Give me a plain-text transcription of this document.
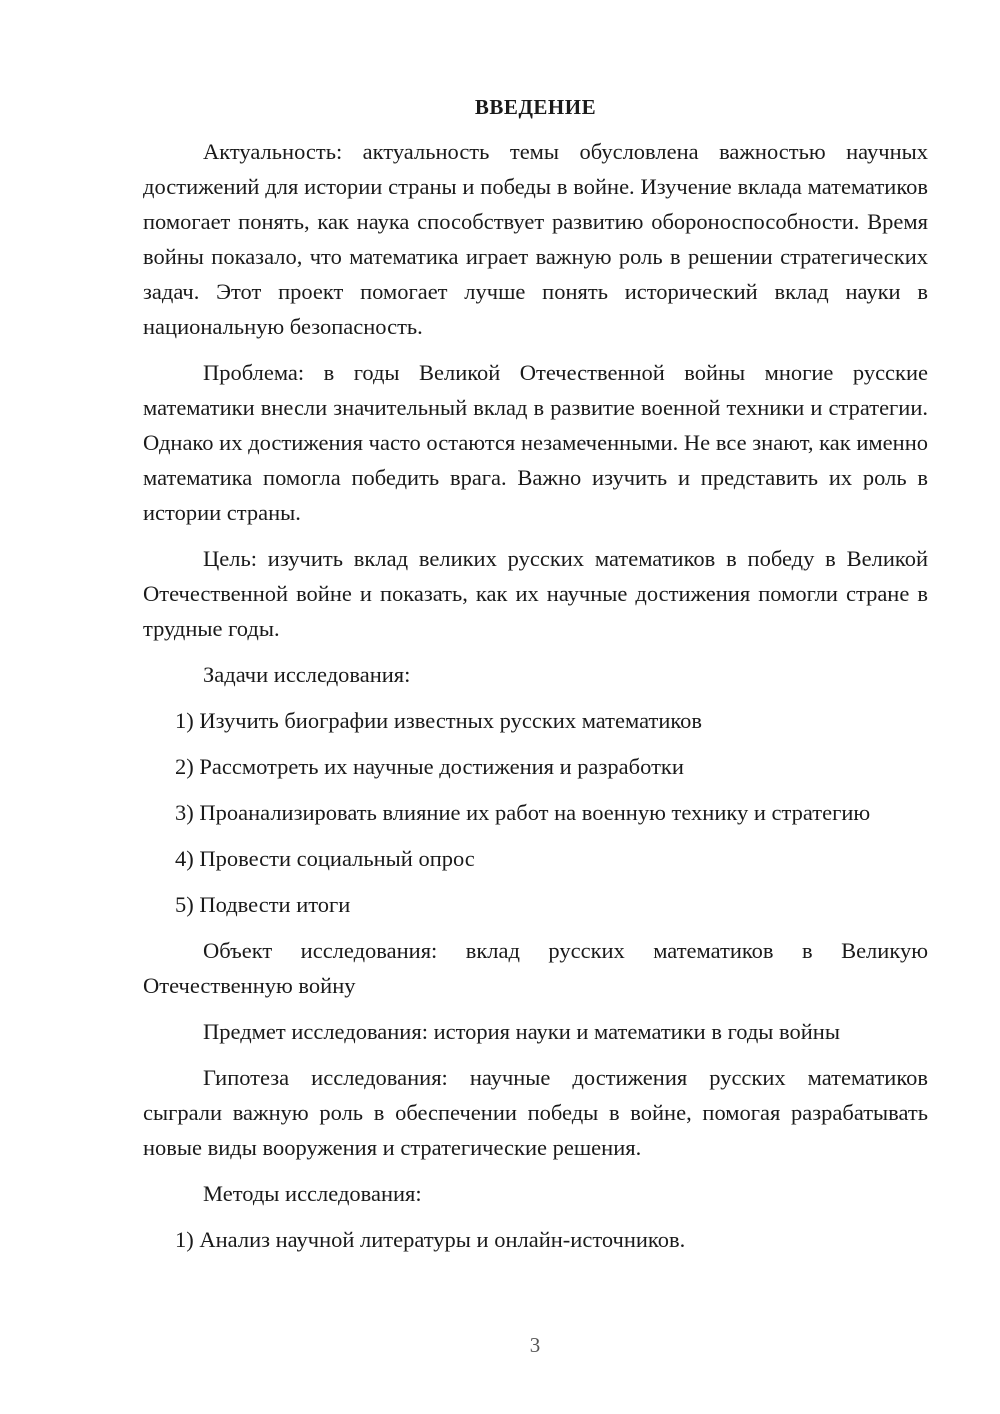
ВВЕДЕНИЕ

Актуальность: актуальность темы обусловлена важностью научных достижений для истории страны и победы в войне. Изучение вклада математиков помогает понять, как наука способствует развитию обороноспособности. Время войны показало, что математика играет важную роль в решении стратегических задач. Этот проект помогает лучше понять исторический вклад науки в национальную безопасность.

Проблема: в годы Великой Отечественной войны многие русские математики внесли значительный вклад в развитие военной техники и стратегии. Однако их достижения часто остаются незамеченными. Не все знают, как именно математика помогла победить врага. Важно изучить и представить их роль в истории страны.

Цель: изучить вклад великих русских математиков в победу в Великой Отечественной войне и показать, как их научные достижения помогли стране в трудные годы.

Задачи исследования:

1) Изучить биографии известных русских математиков

2) Рассмотреть их научные достижения и разработки

3) Проанализировать влияние их работ на военную технику и стратегию

4) Провести социальный опрос

5) Подвести итоги

Объект исследования: вклад русских математиков в Великую Отечественную войну

Предмет исследования: история науки и математики в годы войны

Гипотеза исследования: научные достижения русских математиков сыграли важную роль в обеспечении победы в войне, помогая разрабатывать новые виды вооружения и стратегические решения.

Методы исследования:

1) Анализ научной литературы и онлайн-источников.

3
